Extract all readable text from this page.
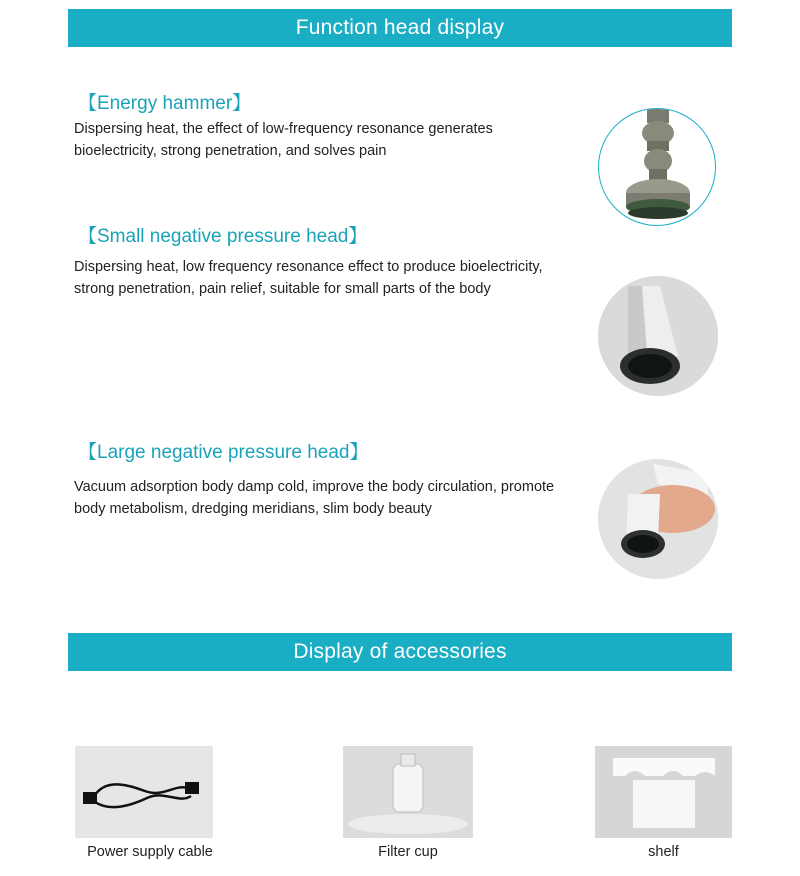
Function head display
【Energy hammer】
Dispersing heat, the effect of low-frequency resonance generates bioelectricity, strong penetration, and solves pain
【Small negative pressure head】
Dispersing heat, low frequency resonance effect to produce bioelectricity, strong penetration, pain relief, suitable for small parts of the body
【Large negative pressure head】
Vacuum adsorption body damp cold, improve the body circulation, promote body metabolism, dredging meridians, slim body beauty
Display of accessories
Power supply cable	Filter cup	shelf
